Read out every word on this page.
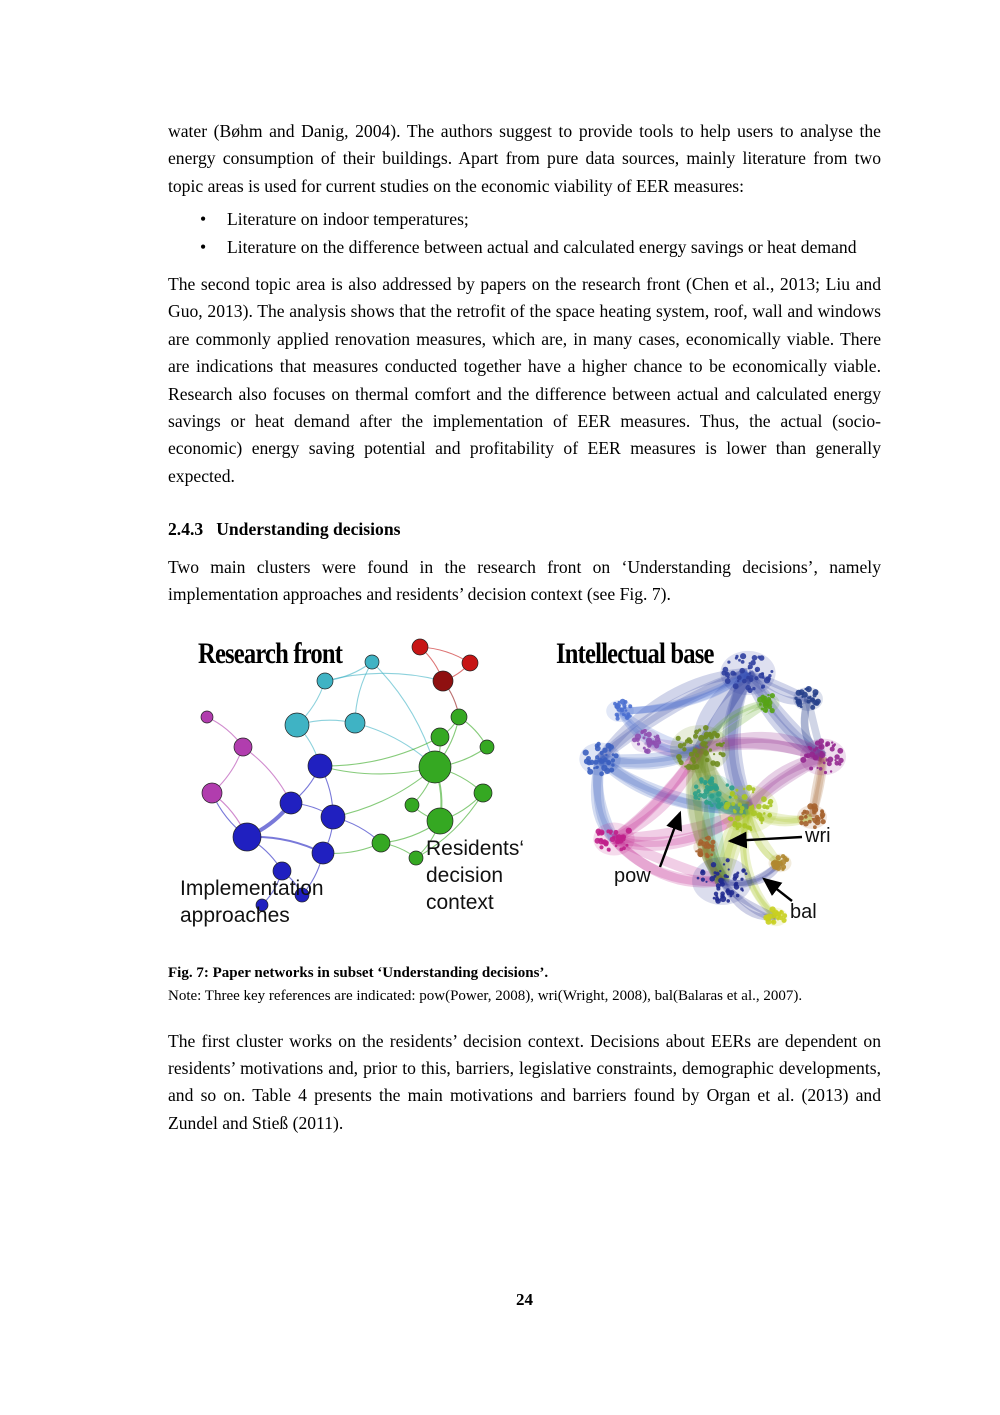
water (Bøhm and Danig, 2004). The authors suggest to provide tools to help users to analyse the energy consumption of their buildings. Apart from pure data sources, mainly literature from two topic areas is used for current studies on the economic viability of EER measures:

• Literature on indoor temperatures;
• Literature on the difference between actual and calculated energy savings or heat demand

The second topic area is also addressed by papers on the research front (Chen et al., 2013; Liu and Guo, 2013). The analysis shows that the retrofit of the space heating system, roof, wall and windows are commonly applied renovation measures, which are, in many cases, economically viable. There are indications that measures conducted together have a higher chance to be economically viable. Research also focuses on thermal comfort and the difference between actual and calculated energy savings or heat demand after the implementation of EER measures. Thus, the actual (socio-economic) energy saving potential and profitability of EER measures is lower than generally expected.

2.4.3 Understanding decisions

Two main clusters were found in the research front on ‘Understanding decisions’, namely implementation approaches and residents’ decision context (see Fig. 7).

Research front	Intellectual base
Implementation approaches
Residents‘ decision context
pow
wri
bal

Fig. 7: Paper networks in subset ‘Understanding decisions’.

Note: Three key references are indicated: pow(Power, 2008), wri(Wright, 2008), bal(Balaras et al., 2007).

The first cluster works on the residents’ decision context. Decisions about EERs are dependent on residents’ motivations and, prior to this, barriers, legislative constraints, demographic developments, and so on. Table 4 presents the main motivations and barriers found by Organ et al. (2013) and Zundel and Stieß (2011).

24
